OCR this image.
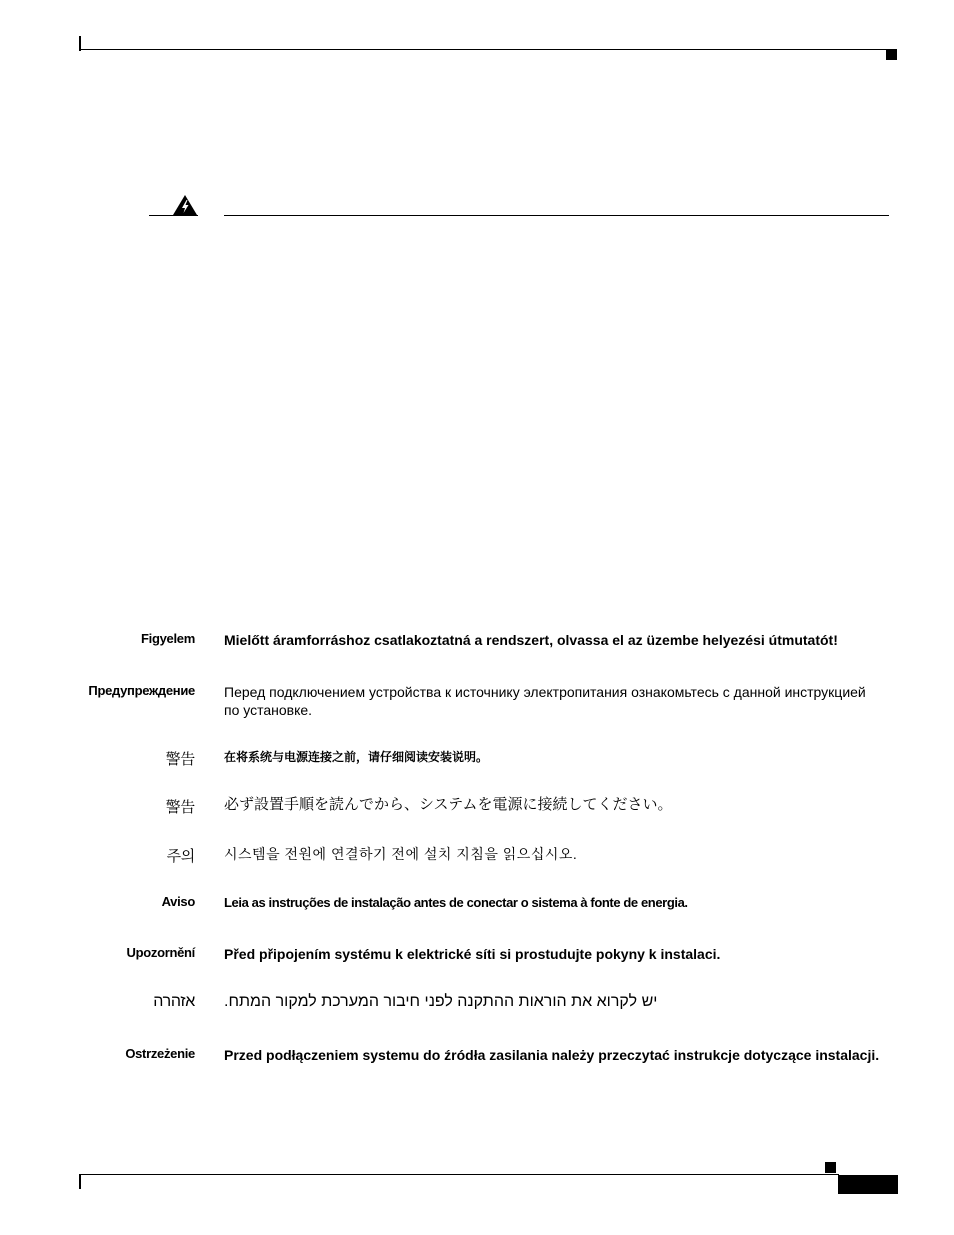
Figyelem Mielőtt áramforráshoz csatlakoztatná a rendszert, olvassa el az üzembe helyezési útmutatót!
Предупреждение Перед подключением устройства к источнику электропитания ознакомьтесь с данной инструкцией по установке.
警告 在将系统与电源连接之前，请仔细阅读安装说明。
警告 必ず設置手順を読んでから、システムを電源に接続してください。
주의 시스템을 전원에 연결하기 전에 설치 지침을 읽으십시오.
Aviso Leia as instruções de instalação antes de conectar o sistema à fonte de energia.
Upozornění Před připojením systému k elektrické síti si prostudujte pokyny k instalaci.
אזהרה יש לקרוא את הוראות ההתקנה לפני חיבור המערכת למקור המתח.
Ostrzeżenie Przed podłączeniem systemu do źródła zasilania należy przeczytać instrukcje dotyczące instalacji.
